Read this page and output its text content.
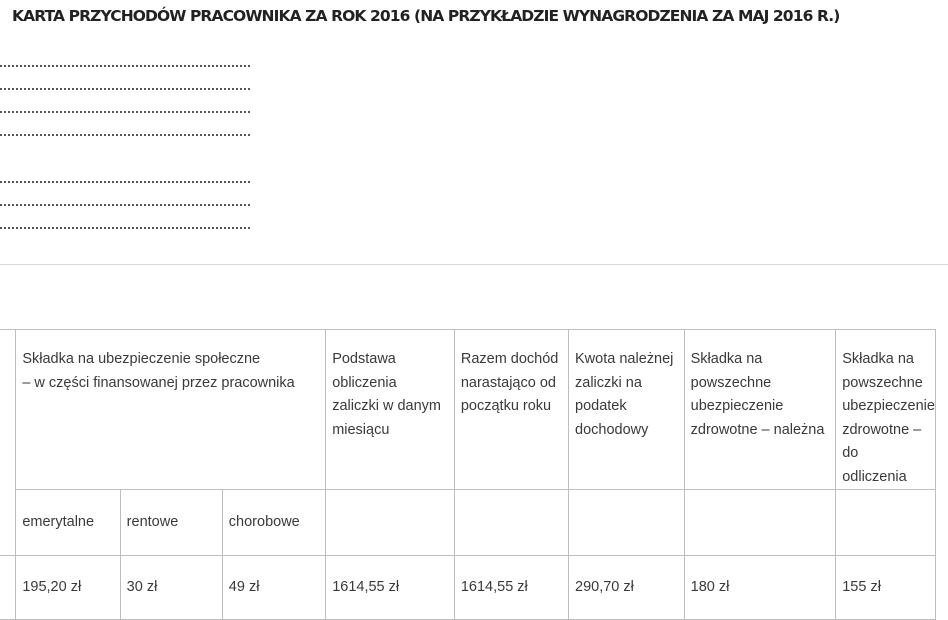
KARTA PRZYCHODÓW PRACOWNIKA ZA ROK 2016 (NA PRZYKŁADZIE WYNAGRODZENIA ZA MAJ 2016 R.)

	Składka na ubezpieczenie społeczne
– w części finansowanej przez pracownika			Podstawa
obliczenia
zaliczki w danym
miesiącu	Razem dochód
narastająco od
początku roku	Kwota należnej
zaliczki na
podatek
dochodowy	Składka na
powszechne
ubezpieczenie
zdrowotne – należna	Składka na powszechne ubezpieczenie
zdrowotne – do
odliczenia

	emerytalne	rentowe	chorobowe					
	195,20 zł	30 zł	49 zł	1614,55 zł	1614,55 zł	290,70 zł	180 zł	155 zł
